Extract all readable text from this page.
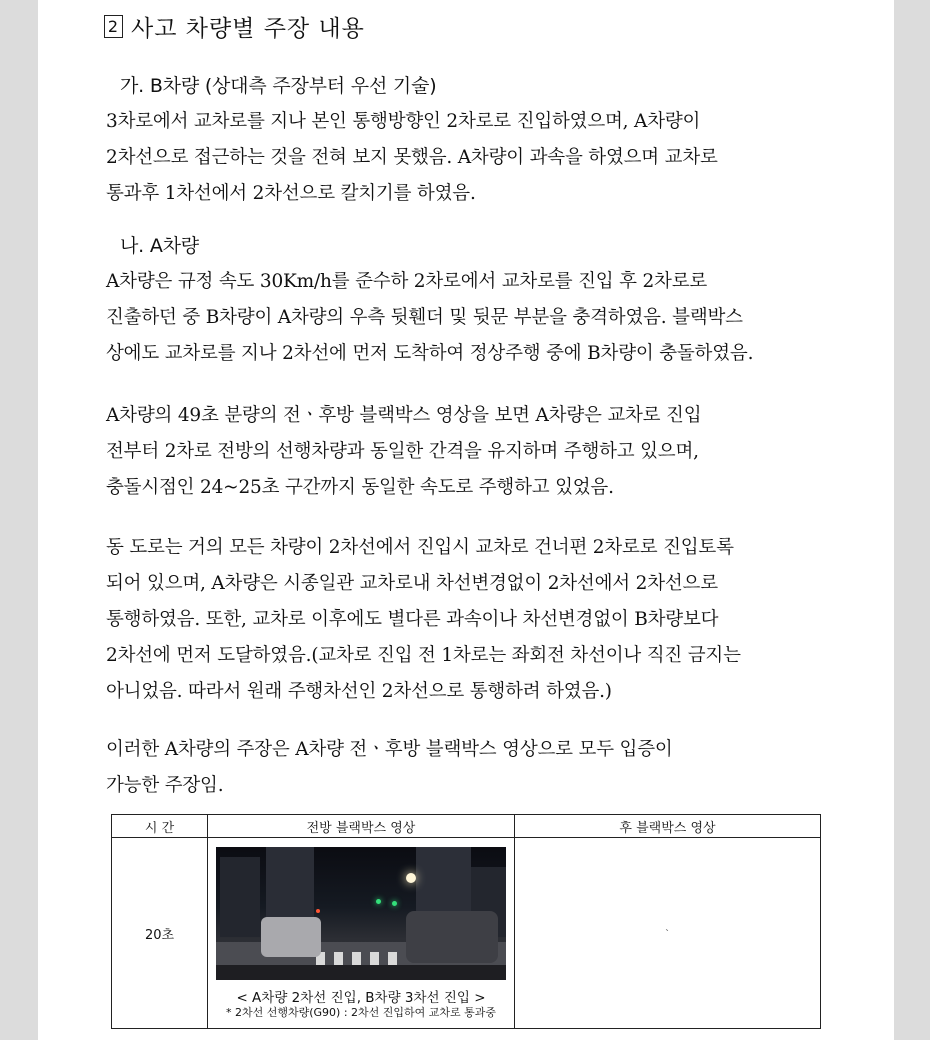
2 사고 차량별 주장 내용
가. B차량 (상대측 주장부터 우선 기술)
3차로에서 교차로를 지나 본인 통행방향인 2차로로 진입하였으며, A차량이
2차선으로 접근하는 것을 전혀 보지 못했음. A차량이 과속을 하였으며 교차로
통과후 1차선에서 2차선으로 칼치기를 하였음.
나. A차량
A차량은 규정 속도 30Km/h를 준수하 2차로에서 교차로를 진입 후 2차로로
진출하던 중 B차량이 A차량의 우측 뒷휀더 및 뒷문 부분을 충격하였음. 블랙박스
상에도 교차로를 지나 2차선에 먼저 도착하여 정상주행 중에 B차량이 충돌하였음.
A차량의 49초 분량의 전ㆍ후방 블랙박스 영상을 보면 A차량은 교차로 진입
전부터 2차로 전방의 선행차량과 동일한 간격을 유지하며 주행하고 있으며,
충돌시점인 24~25초 구간까지 동일한 속도로 주행하고 있었음.
동 도로는 거의 모든 차량이 2차선에서 진입시 교차로 건너편 2차로로 진입토록
되어 있으며, A차량은 시종일관 교차로내 차선변경없이 2차선에서 2차선으로
통행하였음. 또한, 교차로 이후에도 별다른 과속이나 차선변경없이 B차량보다
2차선에 먼저 도달하였음.(교차로 진입 전 1차로는 좌회전 차선이나 직진 금지는
아니었음. 따라서 원래 주행차선인 2차선으로 통행하려 하였음.)
이러한 A차량의 주장은 A차량 전ㆍ후방 블랙박스 영상으로 모두 입증이
가능한 주장임.
시 간	전방 블랙박스 영상	후 블랙박스 영상
20초	< A차량 2차선 진입, B차량 3차선 진입 >
* 2차선 선행차량(G90) : 2차선 진입하여 교차로 통과중	ˋ
